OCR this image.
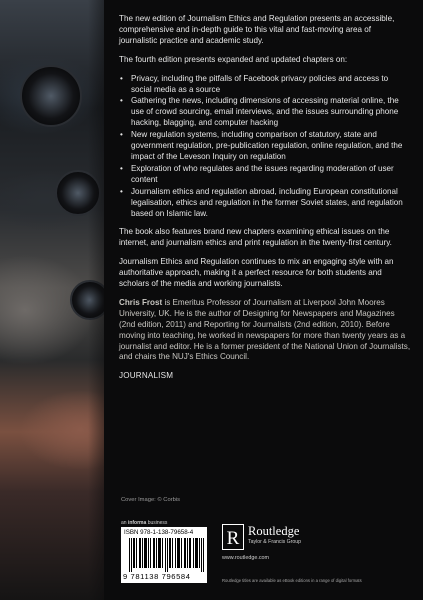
The new edition of Journalism Ethics and Regulation presents an accessible, comprehensive and in-depth guide to this vital and fast-moving area of journalistic practice and academic study.

The fourth edition presents expanded and updated chapters on:

• Privacy, including the pitfalls of Facebook privacy policies and access to social media as a source
• Gathering the news, including dimensions of accessing material online, the use of crowd sourcing, email interviews, and the issues surrounding phone hacking, blagging, and computer hacking
• New regulation systems, including comparison of statutory, state and government regulation, pre-publication regulation, online regulation, and the impact of the Leveson Inquiry on regulation
• Exploration of who regulates and the issues regarding moderation of user content
• Journalism ethics and regulation abroad, including European constitutional legalisation, ethics and regulation in the former Soviet states, and regulation based on Islamic law.

The book also features brand new chapters examining ethical issues on the internet, and journalism ethics and print regulation in the twenty-first century.

Journalism Ethics and Regulation continues to mix an engaging style with an authoritative approach, making it a perfect resource for both students and scholars of the media and working journalists.

Chris Frost is Emeritus Professor of Journalism at Liverpool John Moores University, UK. He is the author of Designing for Newspapers and Magazines (2nd edition, 2011) and Reporting for Journalists (2nd edition, 2010). Before moving into teaching, he worked in newspapers for more than twenty years as a journalist and editor. He is a former president of the National Union of Journalists, and chairs the NUJ's Ethics Council.

JOURNALISM

Cover Image: © Corbis
an informa business
ISBN 978-1-138-79658-4
9 781138 796584
R Routledge
Taylor & Francis Group
www.routledge.com
Routledge titles are available as eBook editions in a range of digital formats
